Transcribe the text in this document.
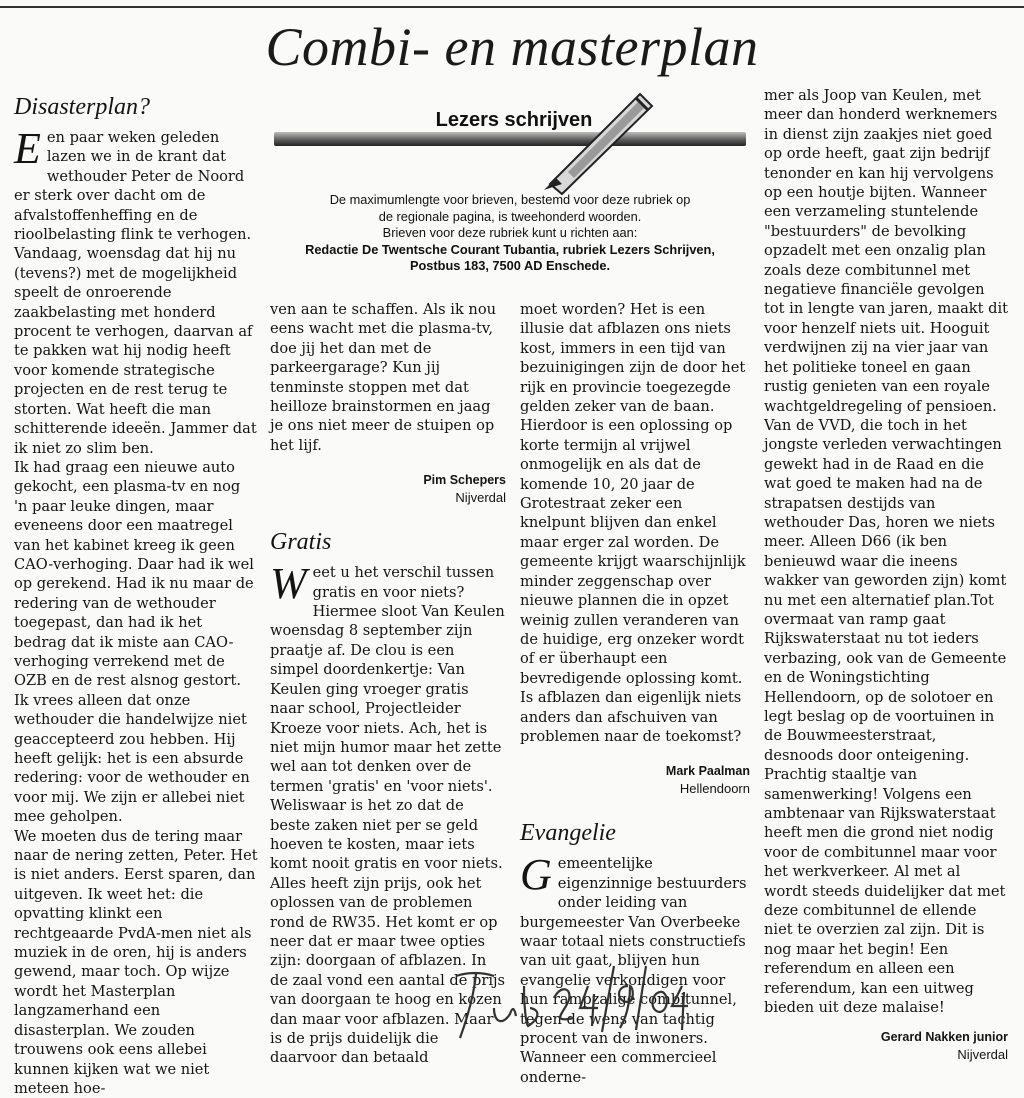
Combi- en masterplan
Lezers schrijven
De maximumlengte voor brieven, bestemd voor deze rubriek op
de regionale pagina, is tweehonderd woorden.
Brieven voor deze rubriek kunt u richten aan:
Redactie De Twentsche Courant Tubantia, rubriek Lezers Schrijven,
Postbus 183, 7500 AD Enschede.
Disasterplan?

Een paar weken geleden lazen we in de krant dat wethouder Peter de Noord er sterk over dacht om de afvalstoffenheffing en de rioolbelasting flink te verhogen. Vandaag, woensdag dat hij nu (tevens?) met de mogelijkheid speelt de onroerende zaakbelasting met honderd procent te verhogen, daarvan af te pakken wat hij nodig heeft voor komende strategische projecten en de rest terug te storten. Wat heeft die man schitterende ideeën. Jammer dat ik niet zo slim ben.

Ik had graag een nieuwe auto gekocht, een plasma-tv en nog 'n paar leuke dingen, maar eveneens door een maatregel van het kabinet kreeg ik geen CAO-verhoging. Daar had ik wel op gerekend. Had ik nu maar de redering van de wethouder toegepast, dan had ik het bedrag dat ik miste aan CAO-verhoging verrekend met de OZB en de rest alsnog gestort. Ik vrees alleen dat onze wethouder die handelwijze niet geaccepteerd zou hebben. Hij heeft gelijk: het is een absurde redering: voor de wethouder en voor mij. We zijn er allebei niet mee geholpen.

We moeten dus de tering maar naar de nering zetten, Peter. Het is niet anders. Eerst sparen, dan uitgeven. Ik weet het: die opvatting klinkt een rechtgeaarde PvdA-men niet als muziek in de oren, hij is anders gewend, maar toch. Op wijze wordt het Masterplan langzamerhand een disasterplan. We zouden trouwens ook eens allebei kunnen kijken wat we niet meteen hoe-

ven aan te schaffen. Als ik nou eens wacht met die plasma-tv, doe jij het dan met de parkeergarage? Kun jij tenminste stoppen met dat heilloze brainstormen en jaag je ons niet meer de stuipen op het lijf.

Pim Schepers
Nijverdal
Gratis

Weet u het verschil tussen gratis en voor niets? Hiermee sloot Van Keulen woensdag 8 september zijn praatje af. De clou is een simpel doordenkertje: Van Keulen ging vroeger gratis naar school, Projectleider Kroeze voor niets. Ach, het is niet mijn humor maar het zette wel aan tot denken over de termen 'gratis' en 'voor niets'. Weliswaar is het zo dat de beste zaken niet per se geld hoeven te kosten, maar iets komt nooit gratis en voor niets. Alles heeft zijn prijs, ook het oplossen van de problemen rond de RW35. Het komt er op neer dat er maar twee opties zijn: doorgaan of afblazen. In de zaal vond een aantal de prijs van doorgaan te hoog en kozen dan maar voor afblazen. Maar is de prijs duidelijk die daarvoor dan betaald

moet worden? Het is een illusie dat afblazen ons niets kost, immers in een tijd van bezuinigingen zijn de door het rijk en provincie toegezegde gelden zeker van de baan. Hierdoor is een oplossing op korte termijn al vrijwel onmogelijk en als dat de komende 10, 20 jaar de Grotestraat zeker een knelpunt blijven dan enkel maar erger zal worden. De gemeente krijgt waarschijnlijk minder zeggenschap over nieuwe plannen die in opzet weinig zullen veranderen van de huidige, erg onzeker wordt of er überhaupt een bevredigende oplossing komt. Is afblazen dan eigenlijk niets anders dan afschuiven van problemen naar de toekomst?

Mark Paalman
Hellendoorn
Evangelie

Gemeentelijke eigenzinnige bestuurders onder leiding van burgemeester Van Overbeeke waar totaal niets constructiefs van uit gaat, blijven hun evangelie verkondigen voor hun rampzalige combitunnel, tegen de wens van tachtig procent van de inwoners. Wanneer een commercieel onderne-

mer als Joop van Keulen, met meer dan honderd werknemers in dienst zijn zaakjes niet goed op orde heeft, gaat zijn bedrijf tenonder en kan hij vervolgens op een houtje bijten. Wanneer een verzameling stuntelende "bestuurders" de bevolking opzadelt met een onzalig plan zoals deze combitunnel met negatieve financiële gevolgen tot in lengte van jaren, maakt dit voor henzelf niets uit. Hooguit verdwijnen zij na vier jaar van het politieke toneel en gaan rustig genieten van een royale wachtgeldregeling of pensioen. Van de VVD, die toch in het jongste verleden verwachtingen gewekt had in de Raad en die wat goed te maken had na de strapatsen destijds van wethouder Das, horen we niets meer. Alleen D66 (ik ben benieuwd waar die ineens wakker van geworden zijn) komt nu met een alternatief plan.Tot overmaat van ramp gaat Rijkswaterstaat nu tot ieders verbazing, ook van de Gemeente en de Woningstichting Hellendoorn, op de solotoer en legt beslag op de voortuinen in de Bouwmeesterstraat, desnoods door onteigening. Prachtig staaltje van samenwerking! Volgens een ambtenaar van Rijkswaterstaat heeft men die grond niet nodig voor de combitunnel maar voor het werkverkeer. Al met al wordt steeds duidelijker dat met deze combitunnel de ellende niet te overzien zal zijn. Dit is nog maar het begin! Een referendum en alleen een referendum, kan een uitweg bieden uit deze malaise!

Gerard Nakken junior
Nijverdal
